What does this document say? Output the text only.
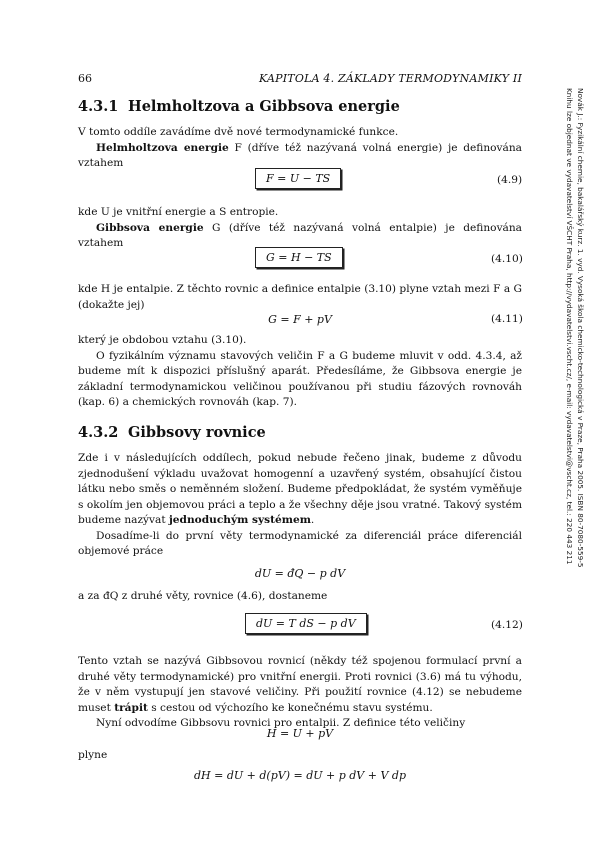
66	KAPITOLA 4. ZÁKLADY TERMODYNAMIKY II
Novák J.: Fyzikální chemie, bakalářský kurz. 1. vyd. Vysoká škola chemicko-technologická v Praze, Praha 2005. ISBN 80-7080-559-5
Knihu lze objednat ve vydavatelství VŠCHT Praha, http://vydavatelstvi.vscht.cz/, e-mail: vydavatelstvi@vscht.cz, tel.: 220 443 211
4.3.1 Helmholtzova a Gibbsova energie

V tomto oddíle zavádíme dvě nové termodynamické funkce.

Helmholtzova energie F (dříve též nazývaná volná energie) je definována vztahem

F = U − TS	(4.9)

kde U je vnitřní energie a S entropie.

Gibbsova energie G (dříve též nazývaná volná entalpie) je definována vztahem

G = H − TS	(4.10)

kde H je entalpie. Z těchto rovnic a definice entalpie (3.10) plyne vztah mezi F a G (dokažte jej)

G = F + pV	(4.11)

který je obdobou vztahu (3.10).

O fyzikálním významu stavových veličin F a G budeme mluvit v odd. 4.3.4, až budeme mít k dispozici příslušný aparát. Předesíláme, že Gibbsova energie je základní termodynamickou veličinou používanou při studiu fázových rovnováh (kap. 6) a chemických rovnováh (kap. 7).

4.3.2 Gibbsovy rovnice

Zde i v následujících oddílech, pokud nebude řečeno jinak, budeme z důvodu zjednodušení výkladu uvažovat homogenní a uzavřený systém, obsahující čistou látku nebo směs o neměnném složení. Budeme předpokládat, že systém vyměňuje s okolím jen objemovou práci a teplo a že všechny děje jsou vratné. Takový systém budeme nazývat jednoduchým systémem.

Dosadíme-li do první věty termodynamické za diferenciál práce diferenciál objemové práce

dU = đQ − p dV

a za đQ z druhé věty, rovnice (4.6), dostaneme

dU = T dS − p dV	(4.12)

Tento vztah se nazývá Gibbsovou rovnicí (někdy též spojenou formulací první a druhé věty termodynamické) pro vnitřní energii. Proti rovnici (3.6) má tu výhodu, že v něm vystupují jen stavové veličiny. Při použití rovnice (4.12) se nebudeme muset trápit s cestou od výchozího ke konečnému stavu systému.

Nyní odvodíme Gibbsovu rovnici pro entalpii. Z definice této veličiny

H = U + pV

plyne

dH = dU + d(pV) = dU + p dV + V dp
